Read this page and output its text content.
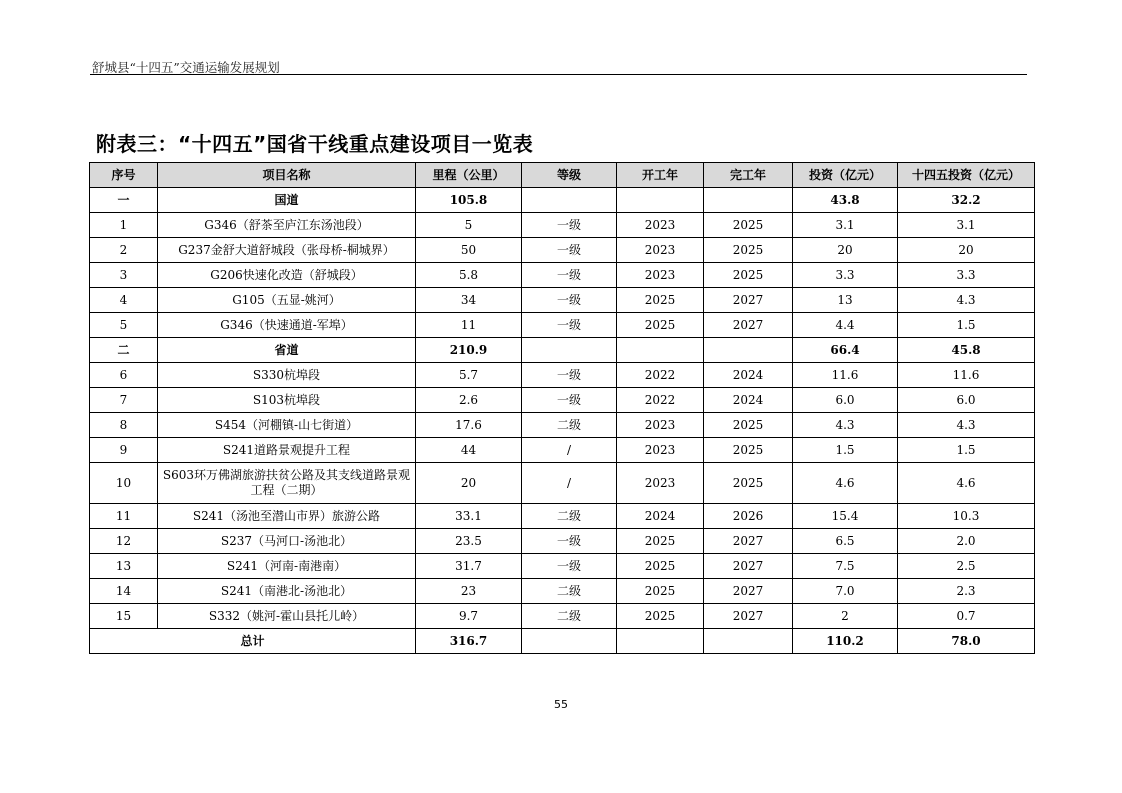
舒城县“十四五”交通运输发展规划
附表三：“十四五”国省干线重点建设项目一览表
序号	项目名称	里程（公里）	等级	开工年	完工年	投资（亿元）	十四五投资（亿元）
一	国道	105.8				43.8	32.2
1	G346（舒茶至庐江东汤池段）	5	一级	2023	2025	3.1	3.1
2	G237金舒大道舒城段（张母桥-桐城界）	50	一级	2023	2025	20	20
3	G206快速化改造（舒城段）	5.8	一级	2023	2025	3.3	3.3
4	G105（五显-姚河）	34	一级	2025	2027	13	4.3
5	G346（快速通道-军埠）	11	一级	2025	2027	4.4	1.5
二	省道	210.9				66.4	45.8
6	S330杭埠段	5.7	一级	2022	2024	11.6	11.6
7	S103杭埠段	2.6	一级	2022	2024	6.0	6.0
8	S454（河棚镇-山七街道）	17.6	二级	2023	2025	4.3	4.3
9	S241道路景观提升工程	44	/	2023	2025	1.5	1.5
10	S603环万佛湖旅游扶贫公路及其支线道路景观工程（二期）	20	/	2023	2025	4.6	4.6
11	S241（汤池至潜山市界）旅游公路	33.1	二级	2024	2026	15.4	10.3
12	S237（马河口-汤池北）	23.5	一级	2025	2027	6.5	2.0
13	S241（河南-南港南）	31.7	一级	2025	2027	7.5	2.5
14	S241（南港北-汤池北）	23	二级	2025	2027	7.0	2.3
15	S332（姚河-霍山县托儿岭）	9.7	二级	2025	2027	2	0.7
总计		316.7				110.2	78.0
55
